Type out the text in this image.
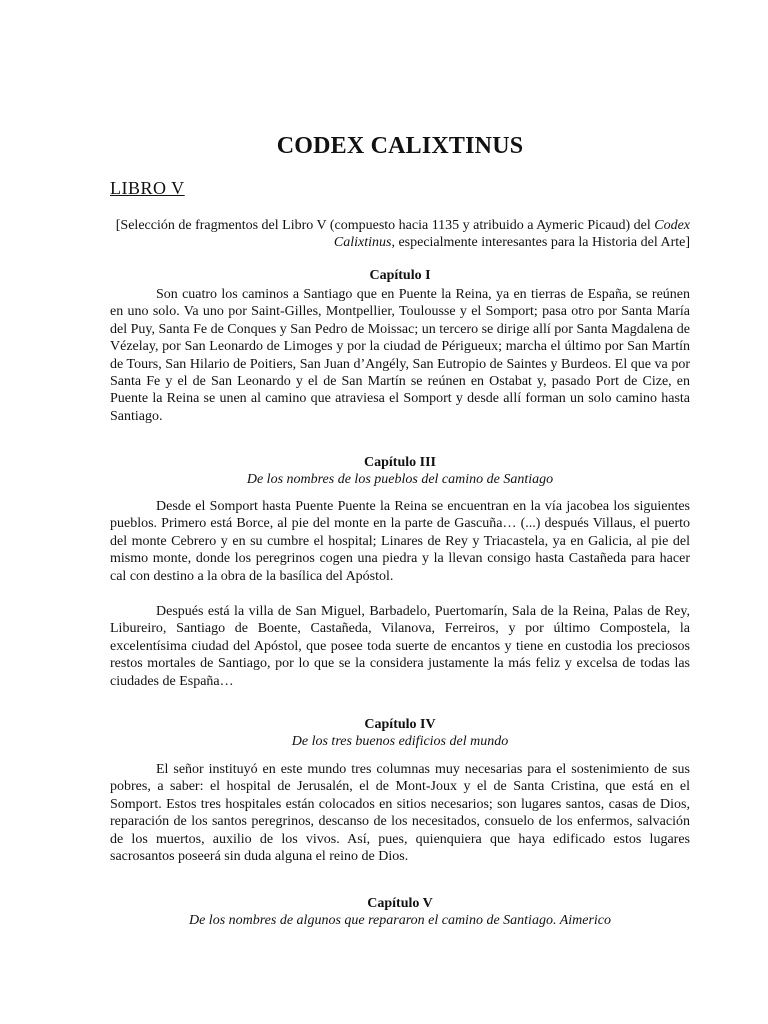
CODEX CALIXTINUS
LIBRO V
[Selección de fragmentos del Libro V (compuesto hacia 1135 y atribuido a Aymeric Picaud) del Codex Calixtinus, especialmente interesantes para la Historia del Arte]
Capítulo I

Son cuatro los caminos a Santiago que en Puente la Reina, ya en tierras de España, se reúnen en uno solo. Va uno por Saint-Gilles, Montpellier, Toulousse y el Somport; pasa otro por Santa María del Puy, Santa Fe de Conques y San Pedro de Moissac; un tercero se dirige allí por Santa Magdalena de Vézelay, por San Leonardo de Limoges y por la ciudad de Périgueux; marcha el último por San Martín de Tours, San Hilario de Poitiers, San Juan d’Angély, San Eutropio de Saintes y Burdeos. El que va por Santa Fe y el de San Leonardo y el de San Martín se reúnen en Ostabat y, pasado Port de Cize, en Puente la Reina se unen al camino que atraviesa el Somport y desde allí forman un solo camino hasta Santiago.

Capítulo III
De los nombres de los pueblos del camino de Santiago

Desde el Somport hasta Puente Puente la Reina se encuentran en la vía jacobea los siguientes pueblos. Primero está Borce, al pie del monte en la parte de Gascuña… (...) después Villaus, el puerto del monte Cebrero y en su cumbre el hospital; Linares de Rey y Triacastela, ya en Galicia, al pie del mismo monte, donde los peregrinos cogen una piedra y la llevan consigo hasta Castañeda para hacer cal con destino a la obra de la basílica del Apóstol.

Después está la villa de San Miguel, Barbadelo, Puertomarín, Sala de la Reina, Palas de Rey, Libureiro, Santiago de Boente, Castañeda, Vilanova, Ferreiros, y por último Compostela, la excelentísima ciudad del Apóstol, que posee toda suerte de encantos y tiene en custodia los preciosos restos mortales de Santiago, por lo que se la considera justamente la más feliz y excelsa de todas las ciudades de España…

Capítulo IV
De los tres buenos edificios del mundo

El señor instituyó en este mundo tres columnas muy necesarias para el sostenimiento de sus pobres, a saber: el hospital de Jerusalén, el de Mont-Joux y el de Santa Cristina, que está en el Somport. Estos tres hospitales están colocados en sitios necesarios; son lugares santos, casas de Dios, reparación de los santos peregrinos, descanso de los necesitados, consuelo de los enfermos, salvación de los muertos, auxilio de los vivos. Así, pues, quienquiera que haya edificado estos lugares sacrosantos poseerá sin duda alguna el reino de Dios.

Capítulo V
De los nombres de algunos que repararon el camino de Santiago. Aimerico
